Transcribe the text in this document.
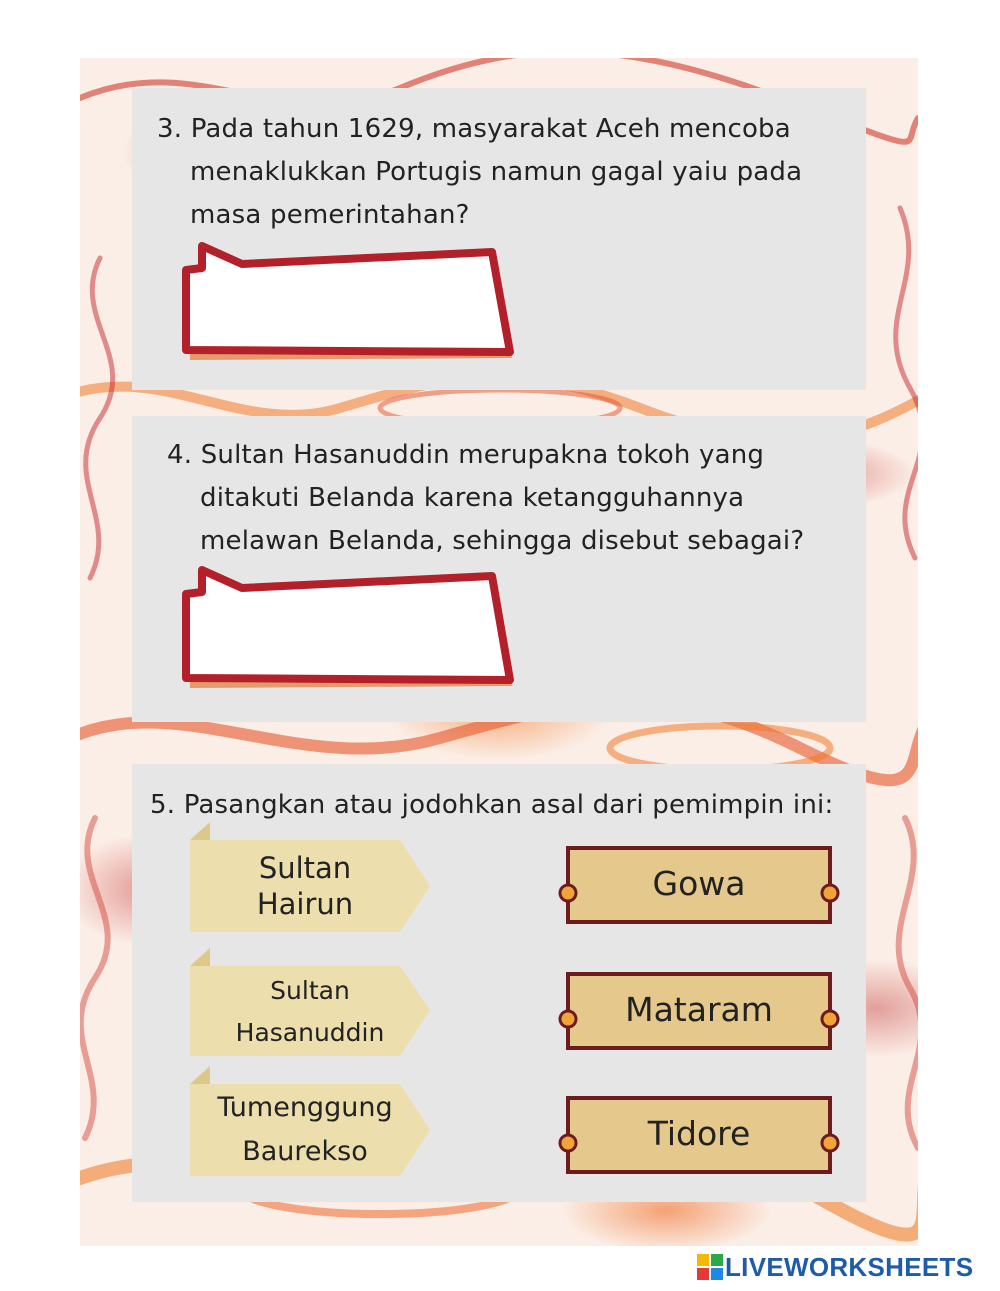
3. Pada tahun 1629, masyarakat Aceh mencoba
menaklukkan Portugis namun gagal yaiu pada
masa pemerintahan?
4. Sultan Hasanuddin merupakna tokoh yang
ditakuti Belanda karena ketangguhannya
melawan Belanda, sehingga disebut sebagai?
5. Pasangkan atau jodohkan asal dari pemimpin ini:
Sultan
Hairun
Sultan
Hasanuddin
Tumenggung
Baurekso
Gowa
Mataram
Tidore
LIVEWORKSHEETS
